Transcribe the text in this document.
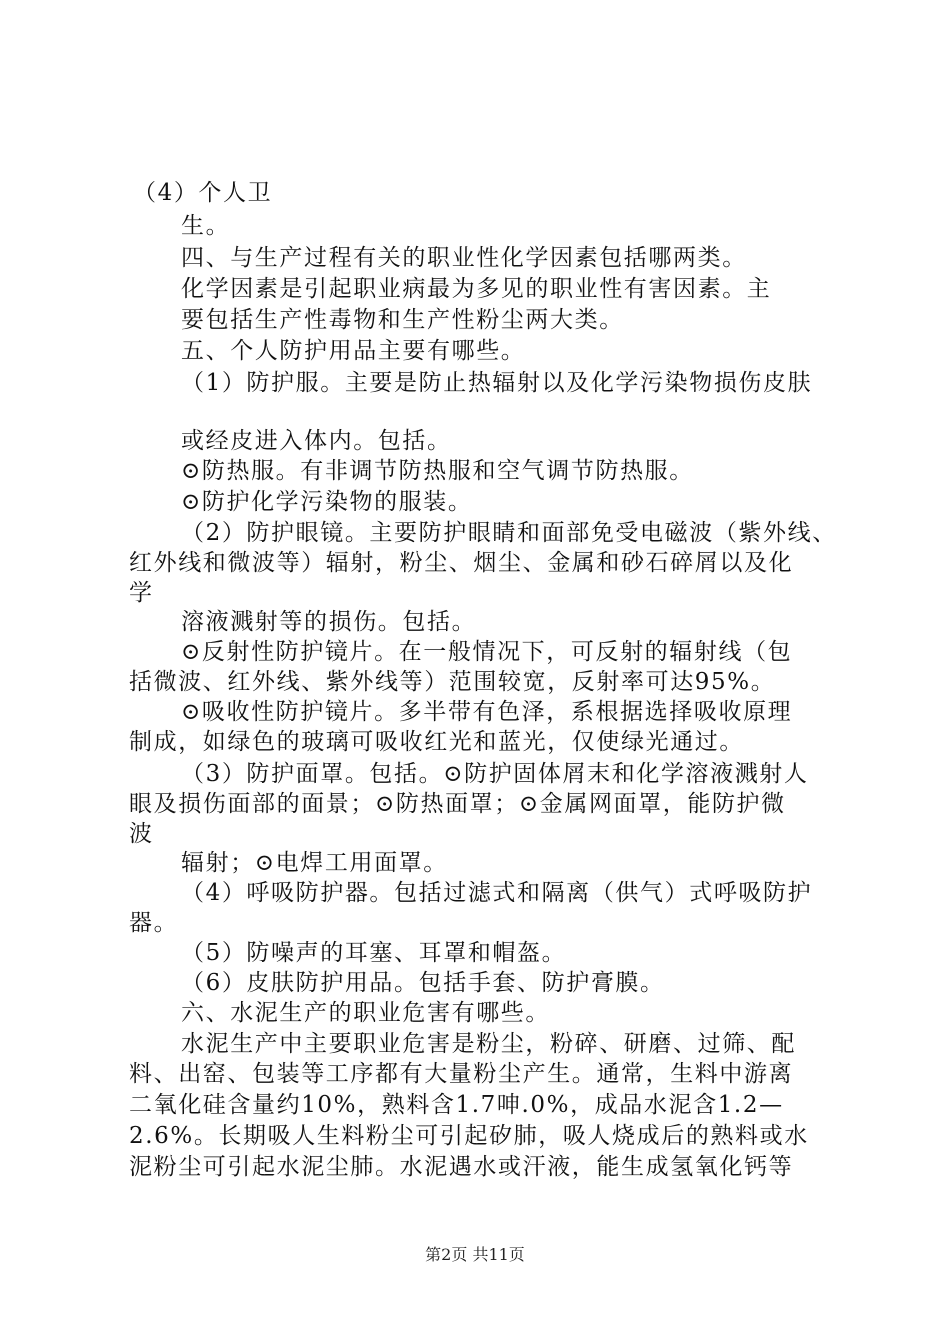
（4）个人卫
生。
四、与生产过程有关的职业性化学因素包括哪两类。
化学因素是引起职业病最为多见的职业性有害因素。主
要包括生产性毒物和生产性粉尘两大类。
五、个人防护用品主要有哪些。
（1）防护服。主要是防止热辐射以及化学污染物损伤皮肤
或经皮进入体内。包括。
⊙防热服。有非调节防热服和空气调节防热服。
⊙防护化学污染物的服装。
（2）防护眼镜。主要防护眼睛和面部免受电磁波（紫外线、
红外线和微波等）辐射，粉尘、烟尘、金属和砂石碎屑以及化
学
溶液溅射等的损伤。包括。
⊙反射性防护镜片。在一般情况下，可反射的辐射线（包
括微波、红外线、紫外线等）范围较宽，反射率可达95%。
⊙吸收性防护镜片。多半带有色泽，系根据选择吸收原理
制成，如绿色的玻璃可吸收红光和蓝光，仅使绿光通过。
（3）防护面罩。包括。⊙防护固体屑末和化学溶液溅射人
眼及损伤面部的面景；⊙防热面罩；⊙金属网面罩，能防护微
波
辐射；⊙电焊工用面罩。
（4）呼吸防护器。包括过滤式和隔离（供气）式呼吸防护
器。
（5）防噪声的耳塞、耳罩和帽盔。
（6）皮肤防护用品。包括手套、防护膏膜。
六、水泥生产的职业危害有哪些。
水泥生产中主要职业危害是粉尘，粉碎、研磨、过筛、配
料、出窑、包装等工序都有大量粉尘产生。通常，生料中游离
二氧化硅含量约10%，熟料含1.7呻.0%，成品水泥含1.2—
2.6%。长期吸人生料粉尘可引起矽肺，吸人烧成后的熟料或水
泥粉尘可引起水泥尘肺。水泥遇水或汗液，能生成氢氧化钙等
第2页 共11页
